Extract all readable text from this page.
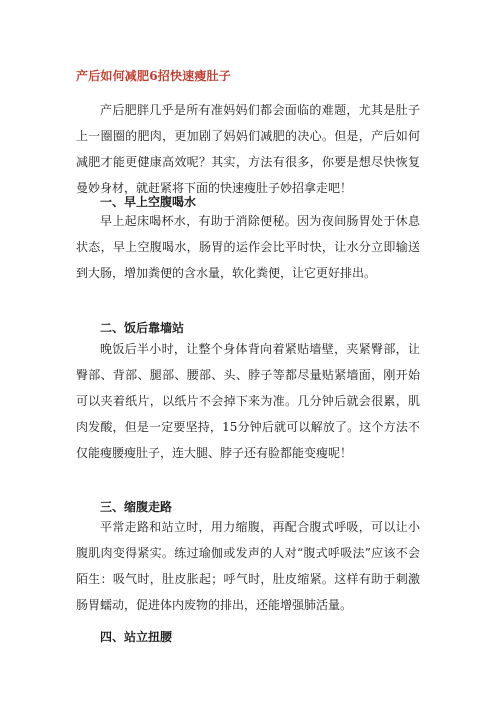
产后如何减肥6招快速瘦肚子

产后肥胖几乎是所有准妈妈们都会面临的难题，尤其是肚子上一圈圈的肥肉，更加剧了妈妈们减肥的决心。但是，产后如何减肥才能更健康高效呢？其实，方法有很多，你要是想尽快恢复曼妙身材，就赶紧将下面的快速瘦肚子妙招拿走吧！

一、早上空腹喝水

早上起床喝杯水，有助于消除便秘。因为夜间肠胃处于休息状态，早上空腹喝水，肠胃的运作会比平时快，让水分立即输送到大肠，增加粪便的含水量，软化粪便，让它更好排出。

二、饭后靠墙站

晚饭后半小时，让整个身体背向着紧贴墙壁，夹紧臀部，让臀部、背部、腿部、腰部、头、脖子等都尽量贴紧墙面，刚开始可以夹着纸片，以纸片不会掉下来为准。几分钟后就会很累，肌肉发酸，但是一定要坚持，15分钟后就可以解放了。这个方法不仅能瘦腰瘦肚子，连大腿、脖子还有脸都能变瘦呢！

三、缩腹走路

平常走路和站立时，用力缩腹，再配合腹式呼吸，可以让小腹肌肉变得紧实。练过瑜伽或发声的人对“腹式呼吸法”应该不会陌生：吸气时，肚皮胀起；呼气时，肚皮缩紧。这样有助于刺激肠胃蠕动，促进体内废物的排出，还能增强肺活量。

四、站立扭腰
